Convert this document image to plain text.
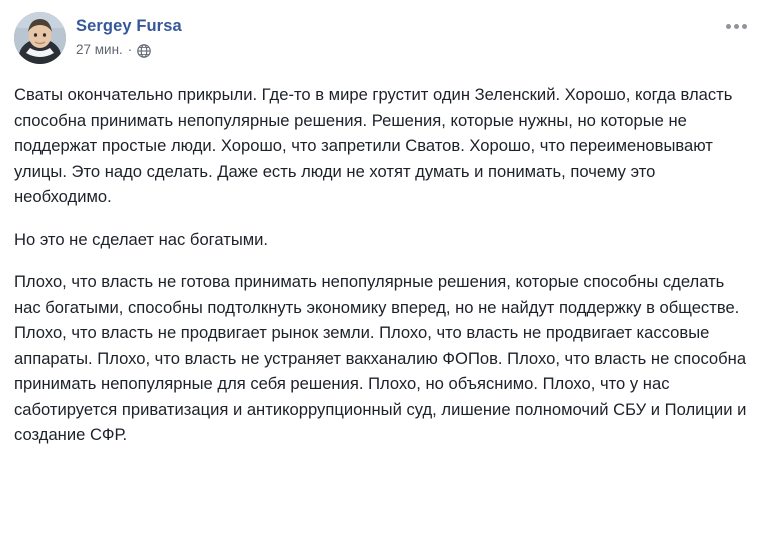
Sergey Fursa
27 мин. ·

Сваты окончательно прикрыли. Где-то в мире грустит один Зеленский. Хорошо, когда власть способна принимать непопулярные решения. Решения, которые нужны, но которые не поддержат простые люди. Хорошо, что запретили Сватов. Хорошо, что переименовывают улицы. Это надо сделать. Даже есть люди не хотят думать и понимать, почему это необходимо.

Но это не сделает нас богатыми.

Плохо, что власть не готова принимать непопулярные решения, которые способны сделать нас богатыми, способны подтолкнуть экономику вперед, но не найдут поддержку в обществе. Плохо, что власть не продвигает рынок земли. Плохо, что власть не продвигает кассовые аппараты. Плохо, что власть не устраняет вакханалию ФОПов. Плохо, что власть не способна принимать непопулярные для себя решения. Плохо, но объяснимо. Плохо, что у нас саботируется приватизация и антикоррупционный суд, лишение полномочий СБУ и Полиции и создание СФР.
